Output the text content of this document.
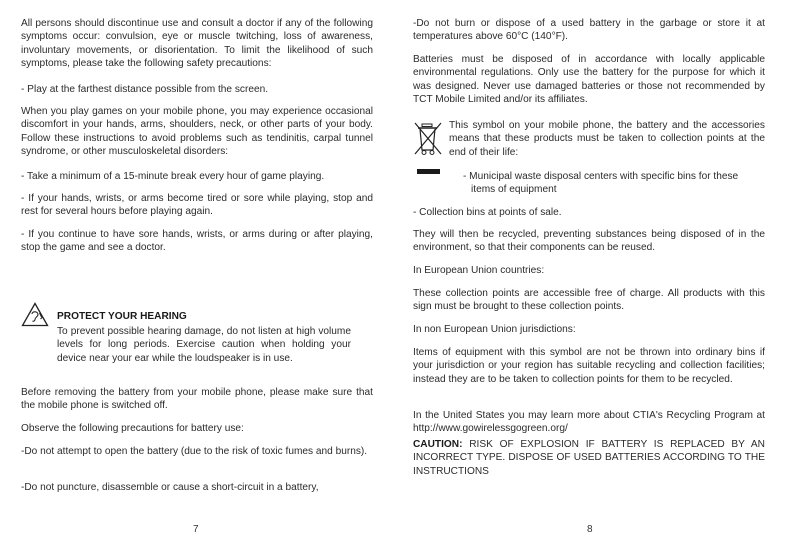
All persons should discontinue use and consult a doctor if any of the following symptoms occur: convulsion, eye or muscle twitching, loss of awareness, involuntary movements, or disorientation. To limit the likelihood of such symptoms, please take the following safety precautions:

- Play at the farthest distance possible from the screen.

When you play games on your mobile phone, you may experience occasional discomfort in your hands, arms, shoulders, neck, or other parts of your body. Follow these instructions to avoid problems such as tendinitis, carpal tunnel syndrome, or other musculoskeletal disorders:

- Take a minimum of a 15-minute break every hour of game playing.

- If your hands, wrists, or arms become tired or sore while playing, stop and rest for several hours before playing again.

- If you continue to have sore hands, wrists, or arms during or after playing, stop the game and see a doctor.

PROTECT YOUR HEARING
To prevent possible hearing damage, do not listen at high volume levels for long periods. Exercise caution when holding your device near your ear while the loudspeaker is in use.

Before removing the battery from your mobile phone, please make sure that the mobile phone is switched off.

Observe the following precautions for battery use:

-Do not attempt to open the battery (due to the risk of toxic fumes and burns).

-Do not puncture, disassemble or cause a short-circuit in a battery,

7

-Do not burn or dispose of a used battery in the garbage or store it at temperatures above 60°C (140°F).

Batteries must be disposed of in accordance with locally applicable environmental regulations. Only use the battery for the purpose for which it was designed. Never use damaged batteries or those not recommended by TCT Mobile Limited and/or its affiliates.

This symbol on your mobile phone, the battery and the accessories means that these products must be taken to collection points at the end of their life:

- Municipal waste disposal centers with specific bins for these items of equipment

- Collection bins at points of sale.

They will then be recycled, preventing substances being disposed of in the environment, so that their components can be reused.

In European Union countries:

These collection points are accessible free of charge. All products with this sign must be brought to these collection points.

In non European Union jurisdictions:

Items of equipment with this symbol are not be thrown into ordinary bins if your jurisdiction or your region has suitable recycling and collection facilities; instead they are to be taken to collection points for them to be recycled.

In the United States you may learn more about CTIA's Recycling Program at http://www.gowirelessgogreen.org/

CAUTION: RISK OF EXPLOSION IF BATTERY IS REPLACED BY AN INCORRECT TYPE. DISPOSE OF USED BATTERIES ACCORDING TO THE INSTRUCTIONS

8
